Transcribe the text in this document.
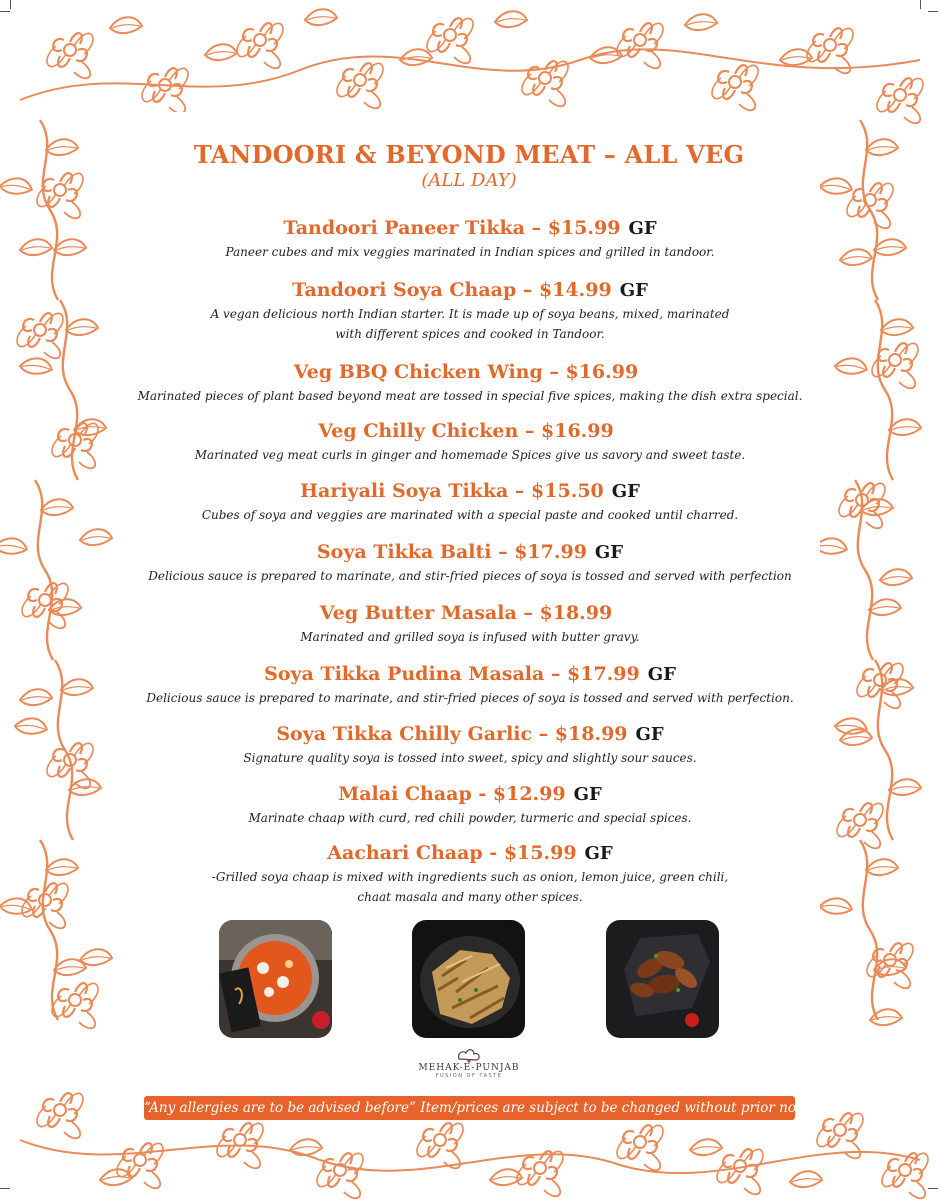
TANDOORI & BEYOND MEAT – ALL VEG
(ALL DAY)
Tandoori Paneer Tikka – $15.99 GF
Paneer cubes and mix veggies marinated in Indian spices and grilled in tandoor.
Tandoori Soya Chaap – $14.99 GF
A vegan delicious north Indian starter. It is made up of soya beans, mixed, marinated
with different spices and cooked in Tandoor.
Veg BBQ Chicken Wing – $16.99
Marinated pieces of plant based beyond meat are tossed in special five spices, making the dish extra special.
Veg Chilly Chicken – $16.99
Marinated veg meat curls in ginger and homemade Spices give us savory and sweet taste.
Hariyali Soya Tikka – $15.50 GF
Cubes of soya and veggies are marinated with a special paste and cooked until charred.
Soya Tikka Balti – $17.99 GF
Delicious sauce is prepared to marinate, and stir-fried pieces of soya is tossed and served with perfection
Veg Butter Masala – $18.99
Marinated and grilled soya is infused with butter gravy.
Soya Tikka Pudina Masala – $17.99 GF
Delicious sauce is prepared to marinate, and stir-fried pieces of soya is tossed and served with perfection.
Soya Tikka Chilly Garlic – $18.99 GF
Signature quality soya is tossed into sweet, spicy and slightly sour sauces.
Malai Chaap - $12.99 GF
Marinate chaap with curd, red chili powder, turmeric and special spices.
Aachari Chaap - $15.99 GF
-Grilled soya chaap is mixed with ingredients such as onion, lemon juice, green chili,
chaat masala and many other spices.
MEHAK-E-PUNJAB
FUSION OF TASTE
“Any allergies are to be advised before” Item/prices are subject to be changed without prior notice”"
